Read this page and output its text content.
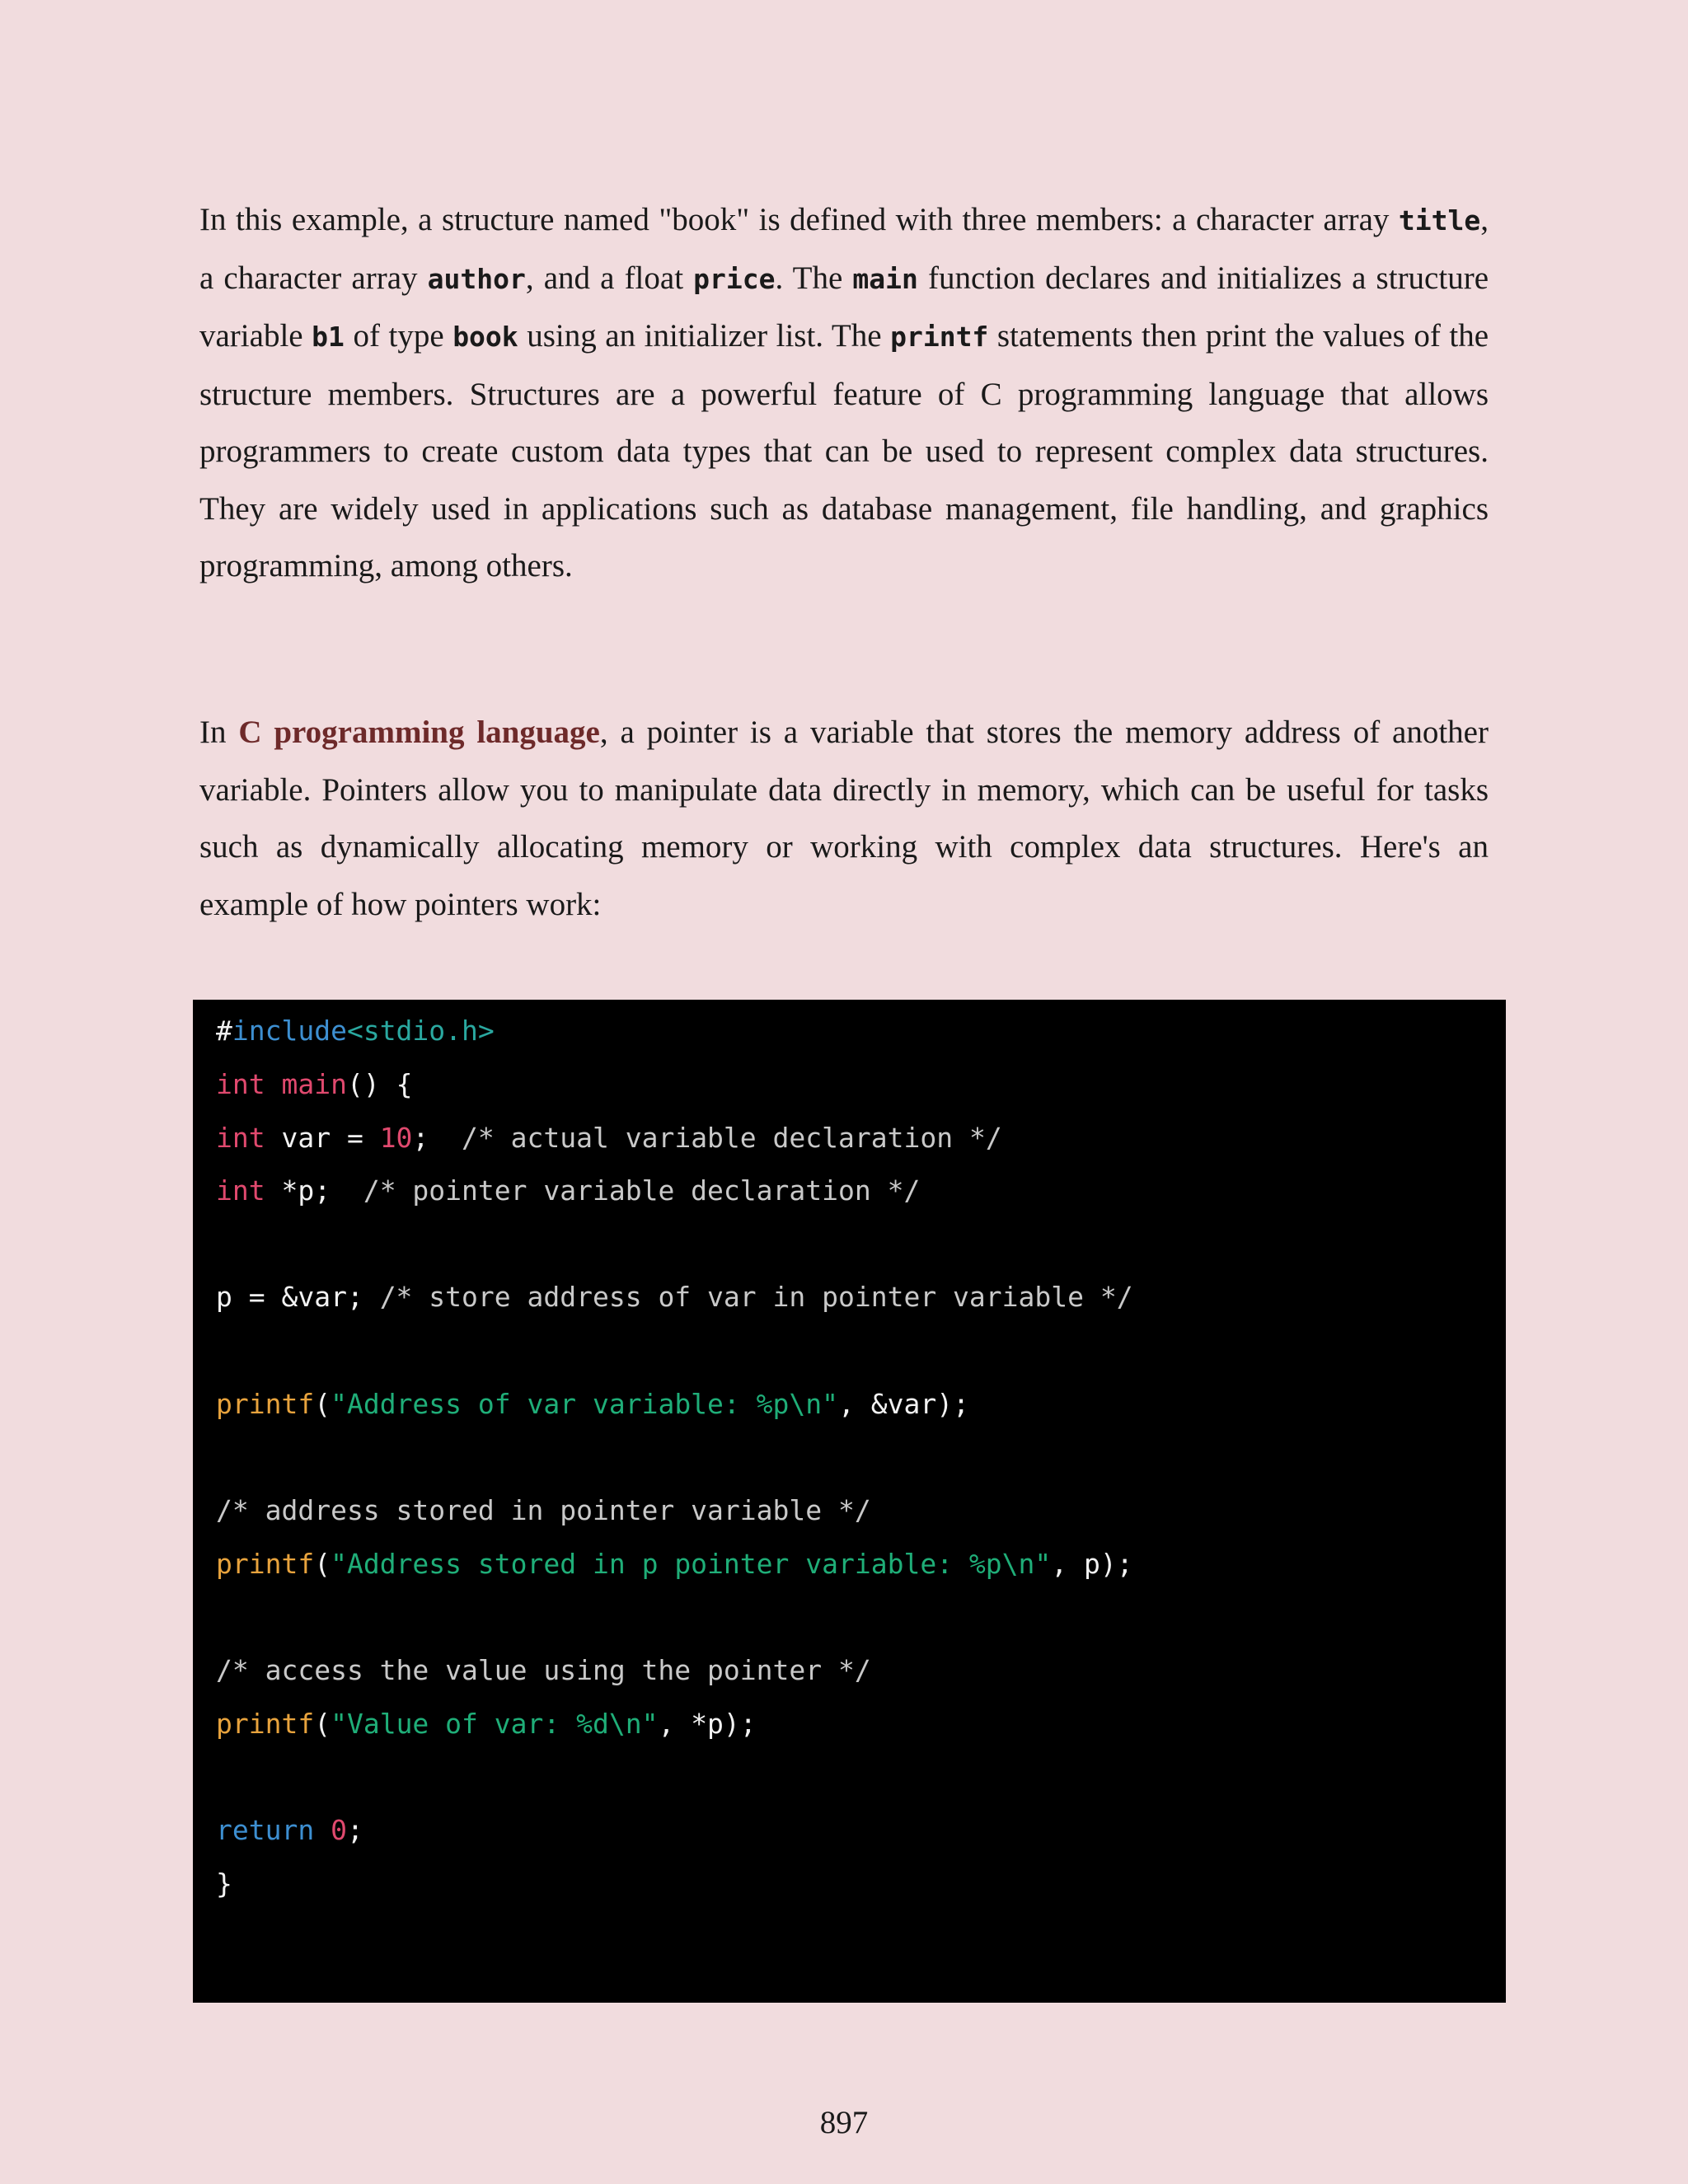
In this example, a structure named "book" is defined with three members: a character array title, a character array author, and a float price. The main function declares and initializes a structure variable b1 of type book using an initializer list. The printf statements then print the values of the structure members. Structures are a powerful feature of C programming language that allows programmers to create custom data types that can be used to represent complex data structures. They are widely used in applications such as database management, file handling, and graphics programming, among others.

In C programming language, a pointer is a variable that stores the memory address of another variable. Pointers allow you to manipulate data directly in memory, which can be useful for tasks such as dynamically allocating memory or working with complex data structures. Here's an example of how pointers work:

#include<stdio.h>
int main() {
int var = 10;  /* actual variable declaration */
int *p;  /* pointer variable declaration */
p = &var; /* store address of var in pointer variable */
printf("Address of var variable: %p\n", &var);
/* address stored in pointer variable */
printf("Address stored in p pointer variable: %p\n", p);
/* access the value using the pointer */
printf("Value of var: %d\n", *p);
return 0;
}
897
